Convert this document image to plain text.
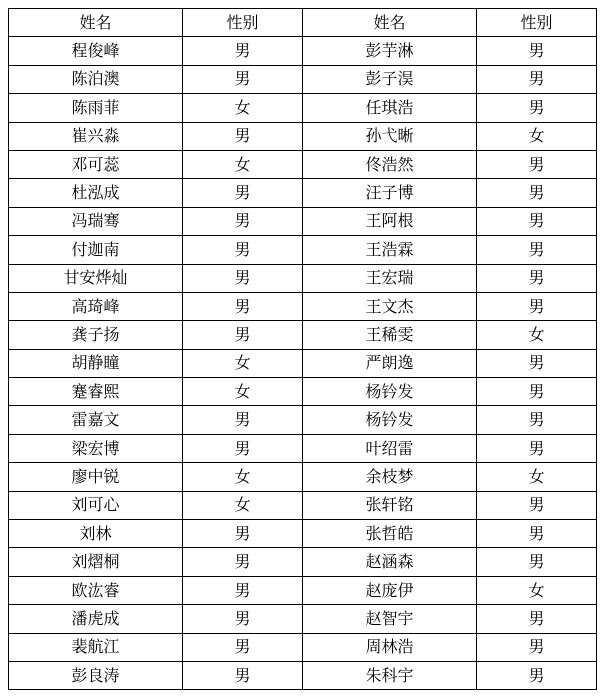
姓名	性别	姓名	性别
程俊峰	男	彭芋淋	男
陈泊澳	男	彭子淏	男
陈雨菲	女	任琪浩	男
崔兴淼	男	孙弋晰	女
邓可蕊	女	佟浩然	男
杜泓成	男	汪子博	男
冯瑞骞	男	王阿根	男
付迦南	男	王浩霖	男
甘安烨灿	男	王宏瑞	男
高琦峰	男	王文杰	男
龚子扬	男	王稀雯	女
胡静瞳	女	严朗逸	男
蹇睿熙	女	杨钤发	男
雷嘉文	男	杨钤发	男
梁宏博	男	叶绍雷	男
廖中锐	女	余枝梦	女
刘可心	女	张轩铭	男
刘林	男	张哲皓	男
刘熠桐	男	赵涵森	男
欧汯睿	男	赵庞伊	女
潘虎成	男	赵智宇	男
裴航江	男	周林浩	男
彭良涛	男	朱科宇	男
